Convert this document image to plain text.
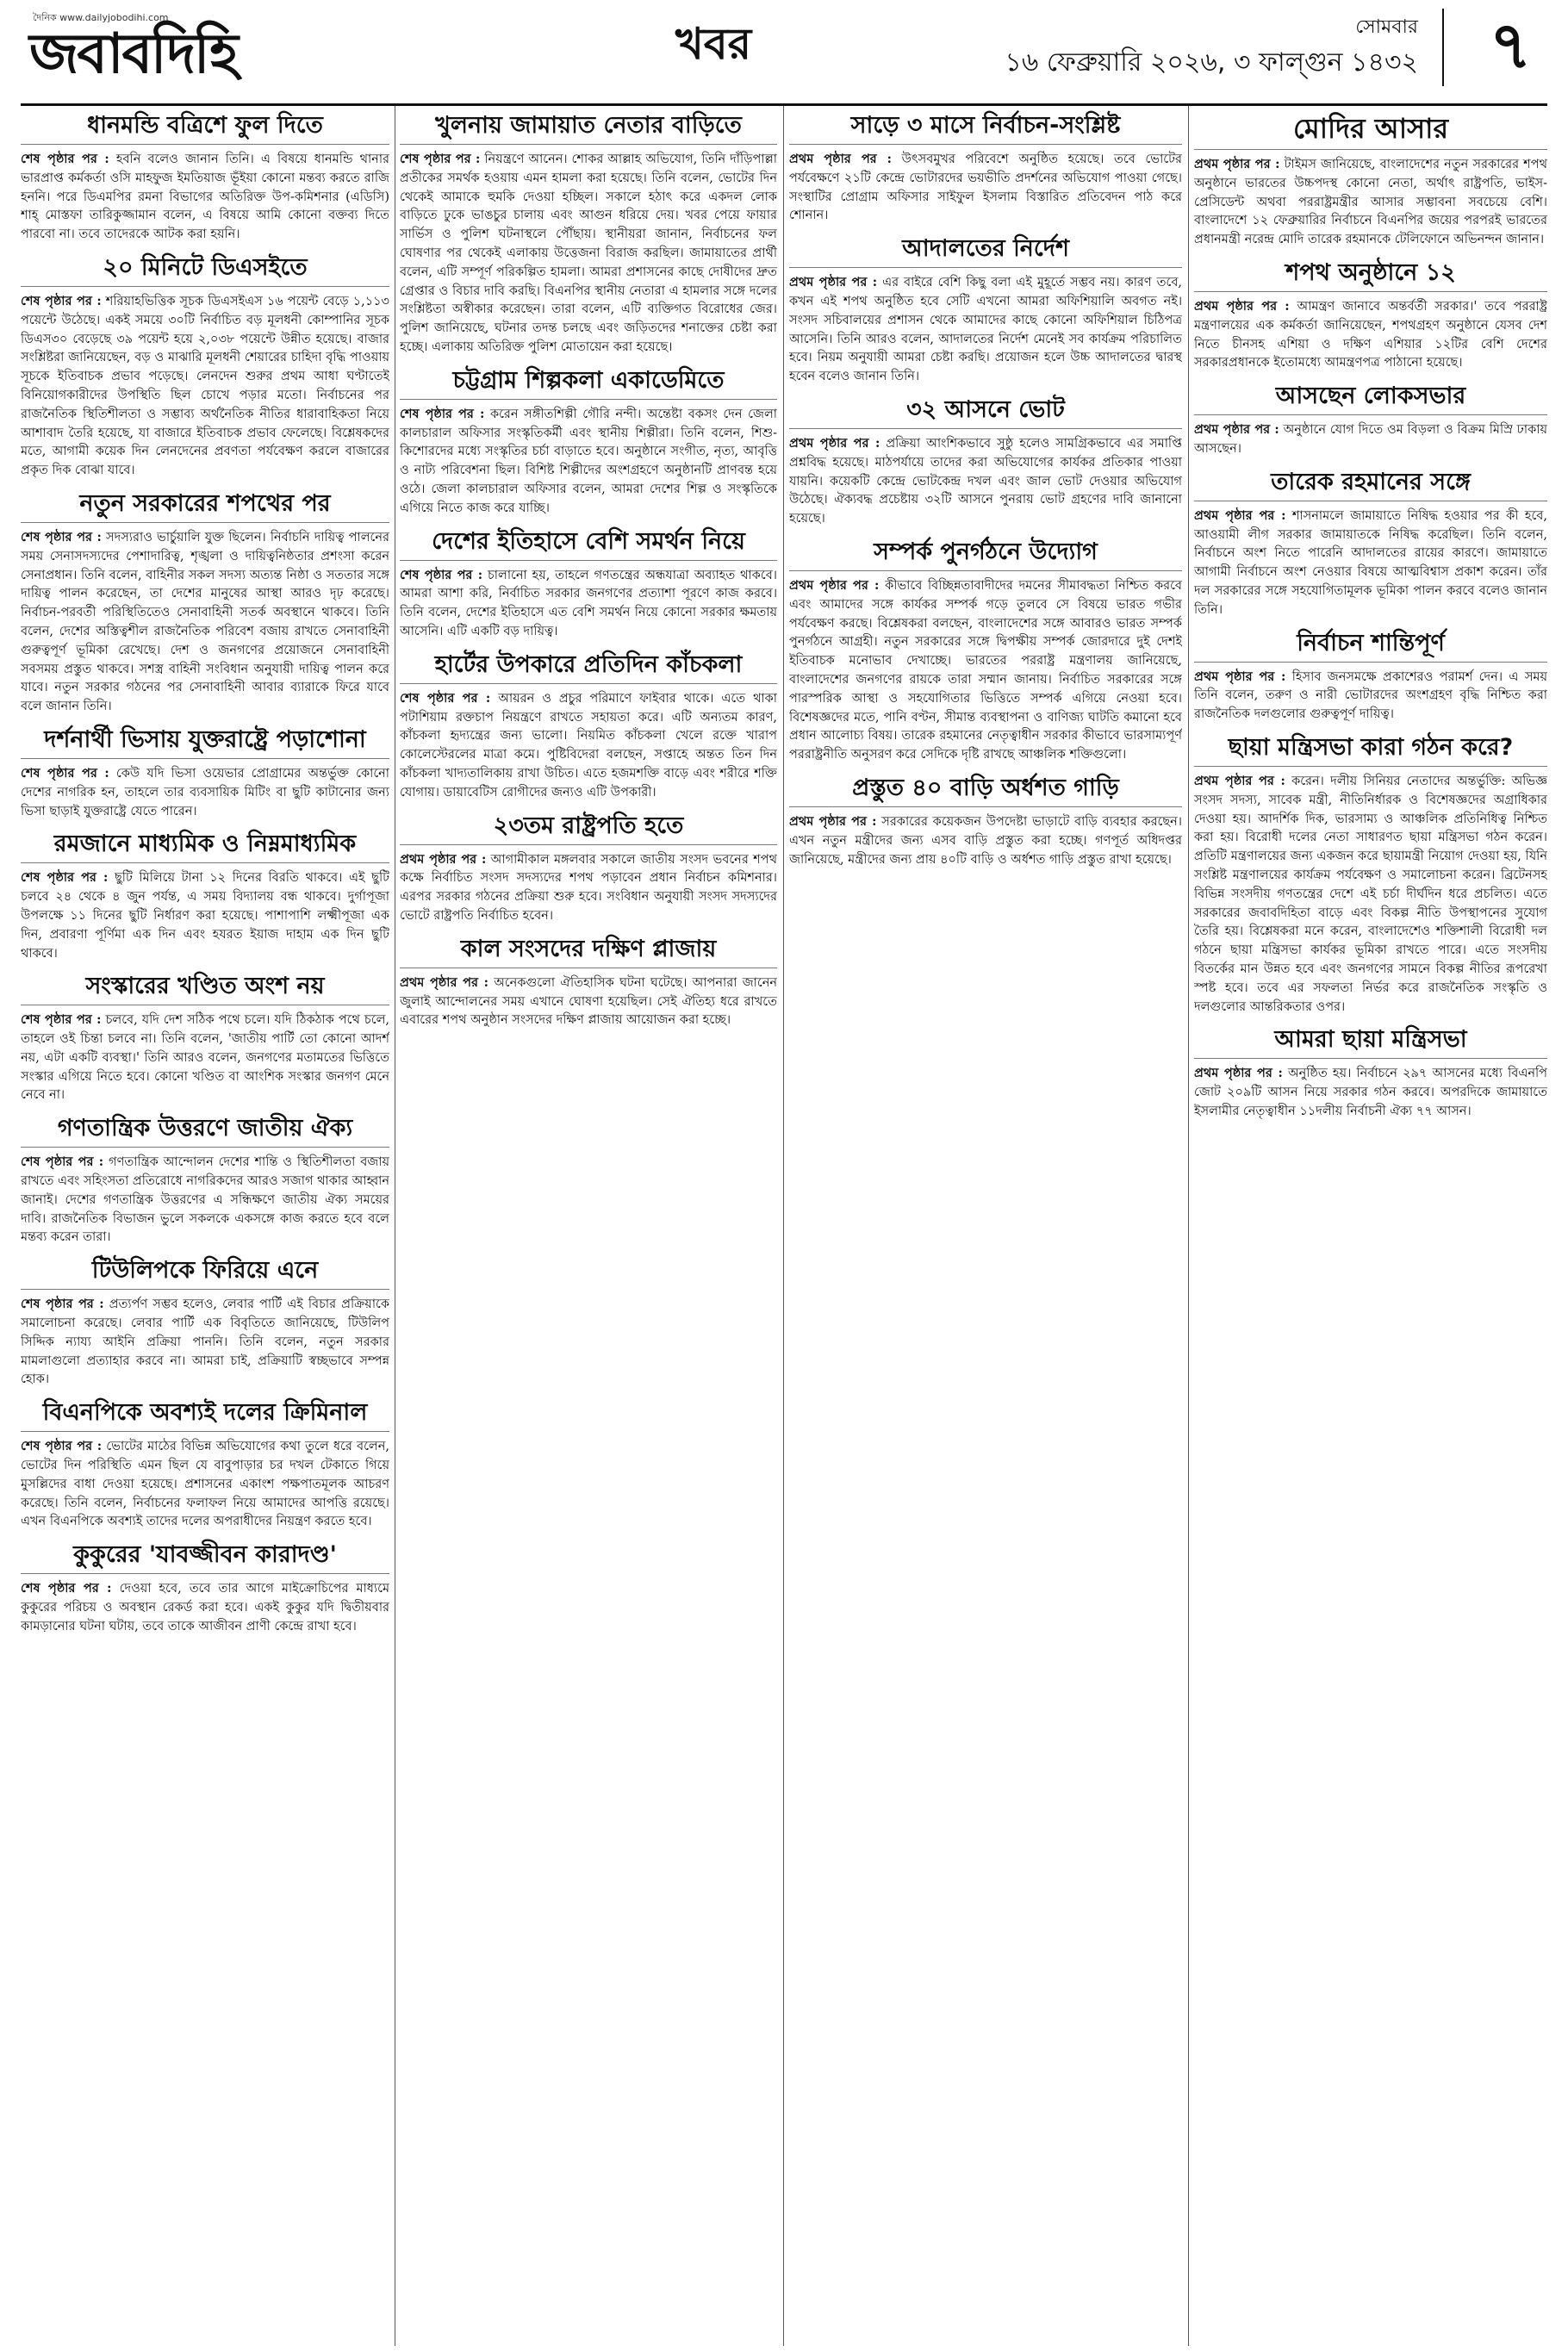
দৈনিক www.dailyjobodihi.com
জবাবদিহি	খবর	সোমবার
১৬ ফেব্রুয়ারি ২০২৬, ৩ ফাল্গুন ১৪৩২ ৭
ধানমন্ডি বত্রিশে ফুল দিতে

শেষ পৃষ্ঠার পর : হবনি বলেও জানান তিনি। এ বিষয়ে ধানমন্ডি থানার ভারপ্রাপ্ত কর্মকর্তা ওসি মাহফুজ ইমতিয়াজ ভূঁইয়া কোনো মন্তব্য করতে রাজি হননি। পরে ডিএমপির রমনা বিভাগের অতিরিক্ত উপ-কমিশনার (এডিসি) শাহ্ মোস্তফা তারিকুজ্জামান বলেন, এ বিষয়ে আমি কোনো বক্তব্য দিতে পারবো না। তবে তাদেরকে আটক করা হয়নি।

২০ মিনিটে ডিএসইতে

শেষ পৃষ্ঠার পর : শরিয়াহভিত্তিক সূচক ডিএসইএস ১৬ পয়েন্ট বেড়ে ১,১১৩ পয়েন্টে উঠেছে। একই সময়ে ৩০টি নির্বাচিত বড় মূলধনী কোম্পানির সূচক ডিএস৩০ বেড়েছে ৩৯ পয়েন্ট হয়ে ২,০৩৮ পয়েন্টে উন্নীত হয়েছে। বাজার সংশ্লিষ্টরা জানিয়েছেন, বড় ও মাঝারি মূলধনী শেয়ারের চাহিদা বৃদ্ধি পাওয়ায় সূচকে ইতিবাচক প্রভাব পড়েছে। লেনদেন শুরুর প্রথম আধা ঘণ্টাতেই বিনিয়োগকারীদের উপস্থিতি ছিল চোখে পড়ার মতো। নির্বাচনের পর রাজনৈতিক স্থিতিশীলতা ও সম্ভাব্য অর্থনৈতিক নীতির ধারাবাহিকতা নিয়ে আশাবাদ তৈরি হয়েছে, যা বাজারে ইতিবাচক প্রভাব ফেলেছে। বিশ্লেষকদের মতে, আগামী কয়েক দিন লেনদেনের প্রবণতা পর্যবেক্ষণ করলে বাজারের প্রকৃত দিক বোঝা যাবে।

নতুন সরকারের শপথের পর

শেষ পৃষ্ঠার পর : সদস্যরাও ভার্চুয়ালি যুক্ত ছিলেন। নির্বাচনি দায়িত্ব পালনের সময় সেনাসদস্যদের পেশাদারিত্ব, শৃঙ্খলা ও দায়িত্বনিষ্ঠতার প্রশংসা করেন সেনাপ্রধান। তিনি বলেন, বাহিনীর সকল সদস্য অত্যন্ত নিষ্ঠা ও সততার সঙ্গে দায়িত্ব পালন করেছেন, তা দেশের মানুষের আস্থা আরও দৃঢ় করেছে। নির্বাচন-পরবর্তী পরিস্থিতিতেও সেনাবাহিনী সতর্ক অবস্থানে থাকবে। তিনি বলেন, দেশের অস্তিত্বশীল রাজনৈতিক পরিবেশ বজায় রাখতে সেনাবাহিনী গুরুত্বপূর্ণ ভূমিকা রেখেছে। দেশ ও জনগণের প্রয়োজনে সেনাবাহিনী সবসময় প্রস্তুত থাকবে। সশস্ত্র বাহিনী সংবিধান অনুযায়ী দায়িত্ব পালন করে যাবে। নতুন সরকার গঠনের পর সেনাবাহিনী আবার ব্যারাকে ফিরে যাবে বলে জানান তিনি।

দর্শনার্থী ভিসায় যুক্তরাষ্ট্রে পড়াশোনা

শেষ পৃষ্ঠার পর : কেউ যদি ভিসা ওয়েভার প্রোগ্রামের অন্তর্ভুক্ত কোনো দেশের নাগরিক হন, তাহলে তার ব্যবসায়িক মিটিং বা ছুটি কাটানোর জন্য ভিসা ছাড়াই যুক্তরাষ্ট্রে যেতে পারেন।

রমজানে মাধ্যমিক ও নিম্নমাধ্যমিক

শেষ পৃষ্ঠার পর : ছুটি মিলিয়ে টানা ১২ দিনের বিরতি থাকবে। এই ছুটি চলবে ২৪ থেকে ৪ জুন পর্যন্ত, এ সময় বিদ্যালয় বন্ধ থাকবে। দুর্গাপূজা উপলক্ষে ১১ দিনের ছুটি নির্ধারণ করা হয়েছে। পাশাপাশি লক্ষ্মীপূজা এক দিন, প্রবারণা পূর্ণিমা এক দিন এবং হযরত ইয়াজ দাহাম এক দিন ছুটি থাকবে।

সংস্কারের খণ্ডিত অংশ নয়

শেষ পৃষ্ঠার পর : চলবে, যদি দেশ সঠিক পথে চলে। যদি ঠিকঠাক পথে চলে, তাহলে ওই চিন্তা চলবে না। তিনি বলেন, 'জাতীয় পার্টি তো কোনো আদর্শ নয়, এটা একটি ব্যবস্থা।' তিনি আরও বলেন, জনগণের মতামতের ভিত্তিতে সংস্কার এগিয়ে নিতে হবে। কোনো খণ্ডিত বা আংশিক সংস্কার জনগণ মেনে নেবে না।

গণতান্ত্রিক উত্তরণে জাতীয় ঐক্য

শেষ পৃষ্ঠার পর : গণতান্ত্রিক আন্দোলন দেশের শান্তি ও স্থিতিশীলতা বজায় রাখতে এবং সহিংসতা প্রতিরোধে নাগরিকদের আরও সজাগ থাকার আহ্বান জানাই। দেশের গণতান্ত্রিক উত্তরণের এ সন্ধিক্ষণে জাতীয় ঐক্য সময়ের দাবি। রাজনৈতিক বিভাজন ভুলে সকলকে একসঙ্গে কাজ করতে হবে বলে মন্তব্য করেন তারা।

টিউলিপকে ফিরিয়ে এনে

শেষ পৃষ্ঠার পর : প্রত্যর্পণ সম্ভব হলেও, লেবার পার্টি এই বিচার প্রক্রিয়াকে সমালোচনা করেছে। লেবার পার্টি এক বিবৃতিতে জানিয়েছে, টিউলিপ সিদ্দিক ন্যায্য আইনি প্রক্রিয়া পাননি। তিনি বলেন, নতুন সরকার মামলাগুলো প্রত্যাহার করবে না। আমরা চাই, প্রক্রিয়াটি স্বচ্ছভাবে সম্পন্ন হোক।

বিএনপিকে অবশ্যই দলের ক্রিমিনাল

শেষ পৃষ্ঠার পর : ভোটের মাঠের বিভিন্ন অভিযোগের কথা তুলে ধরে বলেন, ভোটের দিন পরিস্থিতি এমন ছিল যে বাবুপাড়ার চর দখল টেকাতে গিয়ে মুসল্লিদের বাধা দেওয়া হয়েছে। প্রশাসনের একাংশ পক্ষপাতমূলক আচরণ করেছে। তিনি বলেন, নির্বাচনের ফলাফল নিয়ে আমাদের আপত্তি রয়েছে। এখন বিএনপিকে অবশ্যই তাদের দলের অপরাধীদের নিয়ন্ত্রণ করতে হবে।

কুকুরের 'যাবজ্জীবন কারাদণ্ড'

শেষ পৃষ্ঠার পর : দেওয়া হবে, তবে তার আগে মাইক্রোচিপের মাধ্যমে কুকুরের পরিচয় ও অবস্থান রেকর্ড করা হবে। একই কুকুর যদি দ্বিতীয়বার কামড়ানোর ঘটনা ঘটায়, তবে তাকে আজীবন প্রাণী কেন্দ্রে রাখা হবে।

খুলনায় জামায়াত নেতার বাড়িতে

শেষ পৃষ্ঠার পর : নিয়ন্ত্রণে আনেন। শোকর আল্লাহ অভিযোগ, তিনি দাঁড়িপাল্লা প্রতীকের সমর্থক হওয়ায় এমন হামলা করা হয়েছে। তিনি বলেন, ভোটের দিন থেকেই আমাকে হুমকি দেওয়া হচ্ছিল। সকালে হঠাৎ করে একদল লোক বাড়িতে ঢুকে ভাঙচুর চালায় এবং আগুন ধরিয়ে দেয়। খবর পেয়ে ফায়ার সার্ভিস ও পুলিশ ঘটনাস্থলে পৌঁছায়। স্থানীয়রা জানান, নির্বাচনের ফল ঘোষণার পর থেকেই এলাকায় উত্তেজনা বিরাজ করছিল। জামায়াতের প্রার্থী বলেন, এটি সম্পূর্ণ পরিকল্পিত হামলা। আমরা প্রশাসনের কাছে দোষীদের দ্রুত গ্রেপ্তার ও বিচার দাবি করছি। বিএনপির স্থানীয় নেতারা এ হামলার সঙ্গে দলের সংশ্লিষ্টতা অস্বীকার করেছেন। তারা বলেন, এটি ব্যক্তিগত বিরোধের জের। পুলিশ জানিয়েছে, ঘটনার তদন্ত চলছে এবং জড়িতদের শনাক্তের চেষ্টা করা হচ্ছে। এলাকায় অতিরিক্ত পুলিশ মোতায়েন করা হয়েছে।

চট্টগ্রাম শিল্পকলা একাডেমিতে

শেষ পৃষ্ঠার পর : করেন সঙ্গীতশিল্পী গৌরি নন্দী। অন্তেষ্টা বকসং দেন জেলা কালচারাল অফিসার সংস্কৃতিকর্মী এবং স্থানীয় শিল্পীরা। তিনি বলেন, শিশু-কিশোরদের মধ্যে সংস্কৃতির চর্চা বাড়াতে হবে। অনুষ্ঠানে সংগীত, নৃত্য, আবৃত্তি ও নাট্য পরিবেশনা ছিল। বিশিষ্ট শিল্পীদের অংশগ্রহণে অনুষ্ঠানটি প্রাণবন্ত হয়ে ওঠে। জেলা কালচারাল অফিসার বলেন, আমরা দেশের শিল্প ও সংস্কৃতিকে এগিয়ে নিতে কাজ করে যাচ্ছি।

দেশের ইতিহাসে বেশি সমর্থন নিয়ে

শেষ পৃষ্ঠার পর : চালানো হয়, তাহলে গণতন্ত্রের অন্ধযাত্রা অব্যাহত থাকবে। আমরা আশা করি, নির্বাচিত সরকার জনগণের প্রত্যাশা পূরণে কাজ করবে। তিনি বলেন, দেশের ইতিহাসে এত বেশি সমর্থন নিয়ে কোনো সরকার ক্ষমতায় আসেনি। এটি একটি বড় দায়িত্ব।

হার্টের উপকারে প্রতিদিন কাঁচকলা

শেষ পৃষ্ঠার পর : আয়রন ও প্রচুর পরিমাণে ফাইবার থাকে। এতে থাকা পটাশিয়াম রক্তচাপ নিয়ন্ত্রণে রাখতে সহায়তা করে। এটি অন্যতম কারণ, কাঁচকলা হৃদ্যন্ত্রের জন্য ভালো। নিয়মিত কাঁচকলা খেলে রক্তে খারাপ কোলেস্টেরলের মাত্রা কমে। পুষ্টিবিদেরা বলছেন, সপ্তাহে অন্তত তিন দিন কাঁচকলা খাদ্যতালিকায় রাখা উচিত। এতে হজমশক্তি বাড়ে এবং শরীরে শক্তি যোগায়। ডায়াবেটিস রোগীদের জন্যও এটি উপকারী।

২৩তম রাষ্ট্রপতি হতে

প্রথম পৃষ্ঠার পর : আগামীকাল মঙ্গলবার সকালে জাতীয় সংসদ ভবনের শপথ কক্ষে নির্বাচিত সংসদ সদস্যদের শপথ পড়াবেন প্রধান নির্বাচন কমিশনার। এরপর সরকার গঠনের প্রক্রিয়া শুরু হবে। সংবিধান অনুযায়ী সংসদ সদস্যদের ভোটে রাষ্ট্রপতি নির্বাচিত হবেন।

কাল সংসদের দক্ষিণ প্লাজায়

প্রথম পৃষ্ঠার পর : অনেকগুলো ঐতিহাসিক ঘটনা ঘটেছে। আপনারা জানেন জুলাই আন্দোলনের সময় এখানে ঘোষণা হয়েছিল। সেই ঐতিহ্য ধরে রাখতে এবারের শপথ অনুষ্ঠান সংসদের দক্ষিণ প্লাজায় আয়োজন করা হচ্ছে।

সাড়ে ৩ মাসে নির্বাচন-সংশ্লিষ্ট

প্রথম পৃষ্ঠার পর : উৎসবমুখর পরিবেশে অনুষ্ঠিত হয়েছে। তবে ভোটের পর্যবেক্ষণে ২১টি কেন্দ্রে ভোটারদের ভয়ভীতি প্রদর্শনের অভিযোগ পাওয়া গেছে। সংস্থাটির প্রোগ্রাম অফিসার সাইফুল ইসলাম বিস্তারিত প্রতিবেদন পাঠ করে শোনান।

আদালতের নির্দেশ

প্রথম পৃষ্ঠার পর : এর বাইরে বেশি কিছু বলা এই মুহূর্তে সম্ভব নয়। কারণ তবে, কখন এই শপথ অনুষ্ঠিত হবে সেটি এখনো আমরা অফিশিয়ালি অবগত নই। সংসদ সচিবালয়ের প্রশাসন থেকে আমাদের কাছে কোনো অফিশিয়াল চিঠিপত্র আসেনি। তিনি আরও বলেন, আদালতের নির্দেশ মেনেই সব কার্যক্রম পরিচালিত হবে। নিয়ম অনুযায়ী আমরা চেষ্টা করছি। প্রয়োজন হলে উচ্চ আদালতের দ্বারস্থ হবেন বলেও জানান তিনি।

৩২ আসনে ভোট

প্রথম পৃষ্ঠার পর : প্রক্রিয়া আংশিকভাবে সুষ্ঠু হলেও সামগ্রিকভাবে এর সমাপ্তি প্রশ্নবিদ্ধ হয়েছে। মাঠপর্যায়ে তাদের করা অভিযোগের কার্যকর প্রতিকার পাওয়া যায়নি। কয়েকটি কেন্দ্রে ভোটকেন্দ্র দখল এবং জাল ভোট দেওয়ার অভিযোগ উঠেছে। ঐক্যবদ্ধ প্রচেষ্টায় ৩২টি আসনে পুনরায় ভোট গ্রহণের দাবি জানানো হয়েছে।

সম্পর্ক পুনর্গঠনে উদ্যোগ

প্রথম পৃষ্ঠার পর : কীভাবে বিচ্ছিন্নতাবাদীদের দমনের সীমাবদ্ধতা নিশ্চিত করবে এবং আমাদের সঙ্গে কার্যকর সম্পর্ক গড়ে তুলবে সে বিষয়ে ভারত গভীর পর্যবেক্ষণ করছে। বিশ্লেষকরা বলছেন, বাংলাদেশের সঙ্গে আবারও ভারত সম্পর্ক পুনর্গঠনে আগ্রহী। নতুন সরকারের সঙ্গে দ্বিপক্ষীয় সম্পর্ক জোরদারে দুই দেশই ইতিবাচক মনোভাব দেখাচ্ছে। ভারতের পররাষ্ট্র মন্ত্রণালয় জানিয়েছে, বাংলাদেশের জনগণের রায়কে তারা সম্মান জানায়। নির্বাচিত সরকারের সঙ্গে পারস্পরিক আস্থা ও সহযোগিতার ভিত্তিতে সম্পর্ক এগিয়ে নেওয়া হবে। বিশেষজ্ঞদের মতে, পানি বণ্টন, সীমান্ত ব্যবস্থাপনা ও বাণিজ্য ঘাটতি কমানো হবে প্রধান আলোচ্য বিষয়। তারেক রহমানের নেতৃত্বাধীন সরকার কীভাবে ভারসাম্যপূর্ণ পররাষ্ট্রনীতি অনুসরণ করে সেদিকে দৃষ্টি রাখছে আঞ্চলিক শক্তিগুলো।

প্রস্তুত ৪০ বাড়ি অর্ধশত গাড়ি

প্রথম পৃষ্ঠার পর : সরকারের কয়েকজন উপদেষ্টা ভাড়াটে বাড়ি ব্যবহার করছেন। এখন নতুন মন্ত্রীদের জন্য এসব বাড়ি প্রস্তুত করা হচ্ছে। গণপূর্ত অধিদপ্তর জানিয়েছে, মন্ত্রীদের জন্য প্রায় ৪০টি বাড়ি ও অর্ধশত গাড়ি প্রস্তুত রাখা হয়েছে।

মোদির আসার

প্রথম পৃষ্ঠার পর : টাইমস জানিয়েছে, বাংলাদেশের নতুন সরকারের শপথ অনুষ্ঠানে ভারতের উচ্চপদস্থ কোনো নেতা, অর্থাৎ রাষ্ট্রপতি, ভাইস-প্রেসিডেন্ট অথবা পররাষ্ট্রমন্ত্রীর আসার সম্ভাবনা সবচেয়ে বেশি। বাংলাদেশে ১২ ফেব্রুয়ারির নির্বাচনে বিএনপির জয়ের পরপরই ভারতের প্রধানমন্ত্রী নরেন্দ্র মোদি তারেক রহমানকে টেলিফোনে অভিনন্দন জানান।

শপথ অনুষ্ঠানে ১২

প্রথম পৃষ্ঠার পর : আমন্ত্রণ জানাবে অন্তর্বর্তী সরকার।' তবে পররাষ্ট্র মন্ত্রণালয়ের এক কর্মকর্তা জানিয়েছেন, শপথগ্রহণ অনুষ্ঠানে যেসব দেশ নিতে চীনসহ এশিয়া ও দক্ষিণ এশিয়ার ১২টির বেশি দেশের সরকারপ্রধানকে ইতোমধ্যে আমন্ত্রণপত্র পাঠানো হয়েছে।

আসছেন লোকসভার

প্রথম পৃষ্ঠার পর : অনুষ্ঠানে যোগ দিতে ওম বিড়লা ও বিক্রম মিস্রি ঢাকায় আসছেন।

তারেক রহমানের সঙ্গে

প্রথম পৃষ্ঠার পর : শাসনামলে জামায়াতে নিষিদ্ধ হওয়ার পর কী হবে, আওয়ামী লীগ সরকার জামায়াতকে নিষিদ্ধ করেছিল। তিনি বলেন, নির্বাচনে অংশ নিতে পারেনি আদালতের রায়ের কারণে। জামায়াতে আগামী নির্বাচনে অংশ নেওয়ার বিষয়ে আত্মবিশ্বাস প্রকাশ করেন। তাঁর দল সরকারের সঙ্গে সহযোগিতামূলক ভূমিকা পালন করবে বলেও জানান তিনি।

নির্বাচন শান্তিপূর্ণ

প্রথম পৃষ্ঠার পর : হিসাব জনসমক্ষে প্রকাশেরও পরামর্শ দেন। এ সময় তিনি বলেন, তরুণ ও নারী ভোটারদের অংশগ্রহণ বৃদ্ধি নিশ্চিত করা রাজনৈতিক দলগুলোর গুরুত্বপূর্ণ দায়িত্ব।

ছায়া মন্ত্রিসভা কারা গঠন করে?

প্রথম পৃষ্ঠার পর : করেন। দলীয় সিনিয়র নেতাদের অন্তর্ভুক্তি: অভিজ্ঞ সংসদ সদস্য, সাবেক মন্ত্রী, নীতিনির্ধারক ও বিশেষজ্ঞদের অগ্রাধিকার দেওয়া হয়। আদর্শিক দিক, ভারসাম্য ও আঞ্চলিক প্রতিনিধিত্ব নিশ্চিত করা হয়। বিরোধী দলের নেতা সাধারণত ছায়া মন্ত্রিসভা গঠন করেন। প্রতিটি মন্ত্রণালয়ের জন্য একজন করে ছায়ামন্ত্রী নিয়োগ দেওয়া হয়, যিনি সংশ্লিষ্ট মন্ত্রণালয়ের কার্যক্রম পর্যবেক্ষণ ও সমালোচনা করেন। ব্রিটেনসহ বিভিন্ন সংসদীয় গণতন্ত্রের দেশে এই চর্চা দীর্ঘদিন ধরে প্রচলিত। এতে সরকারের জবাবদিহিতা বাড়ে এবং বিকল্প নীতি উপস্থাপনের সুযোগ তৈরি হয়। বিশ্লেষকরা মনে করেন, বাংলাদেশেও শক্তিশালী বিরোধী দল গঠনে ছায়া মন্ত্রিসভা কার্যকর ভূমিকা রাখতে পারে। এতে সংসদীয় বিতর্কের মান উন্নত হবে এবং জনগণের সামনে বিকল্প নীতির রূপরেখা স্পষ্ট হবে। তবে এর সফলতা নির্ভর করে রাজনৈতিক সংস্কৃতি ও দলগুলোর আন্তরিকতার ওপর।

আমরা ছায়া মন্ত্রিসভা

প্রথম পৃষ্ঠার পর : অনুষ্ঠিত হয়। নির্বাচনে ২৯৭ আসনের মধ্যে বিএনপি জোট ২০৯টি আসন নিয়ে সরকার গঠন করবে। অপরদিকে জামায়াতে ইসলামীর নেতৃত্বাধীন ১১দলীয় নির্বাচনী ঐক্য ৭৭ আসন।
